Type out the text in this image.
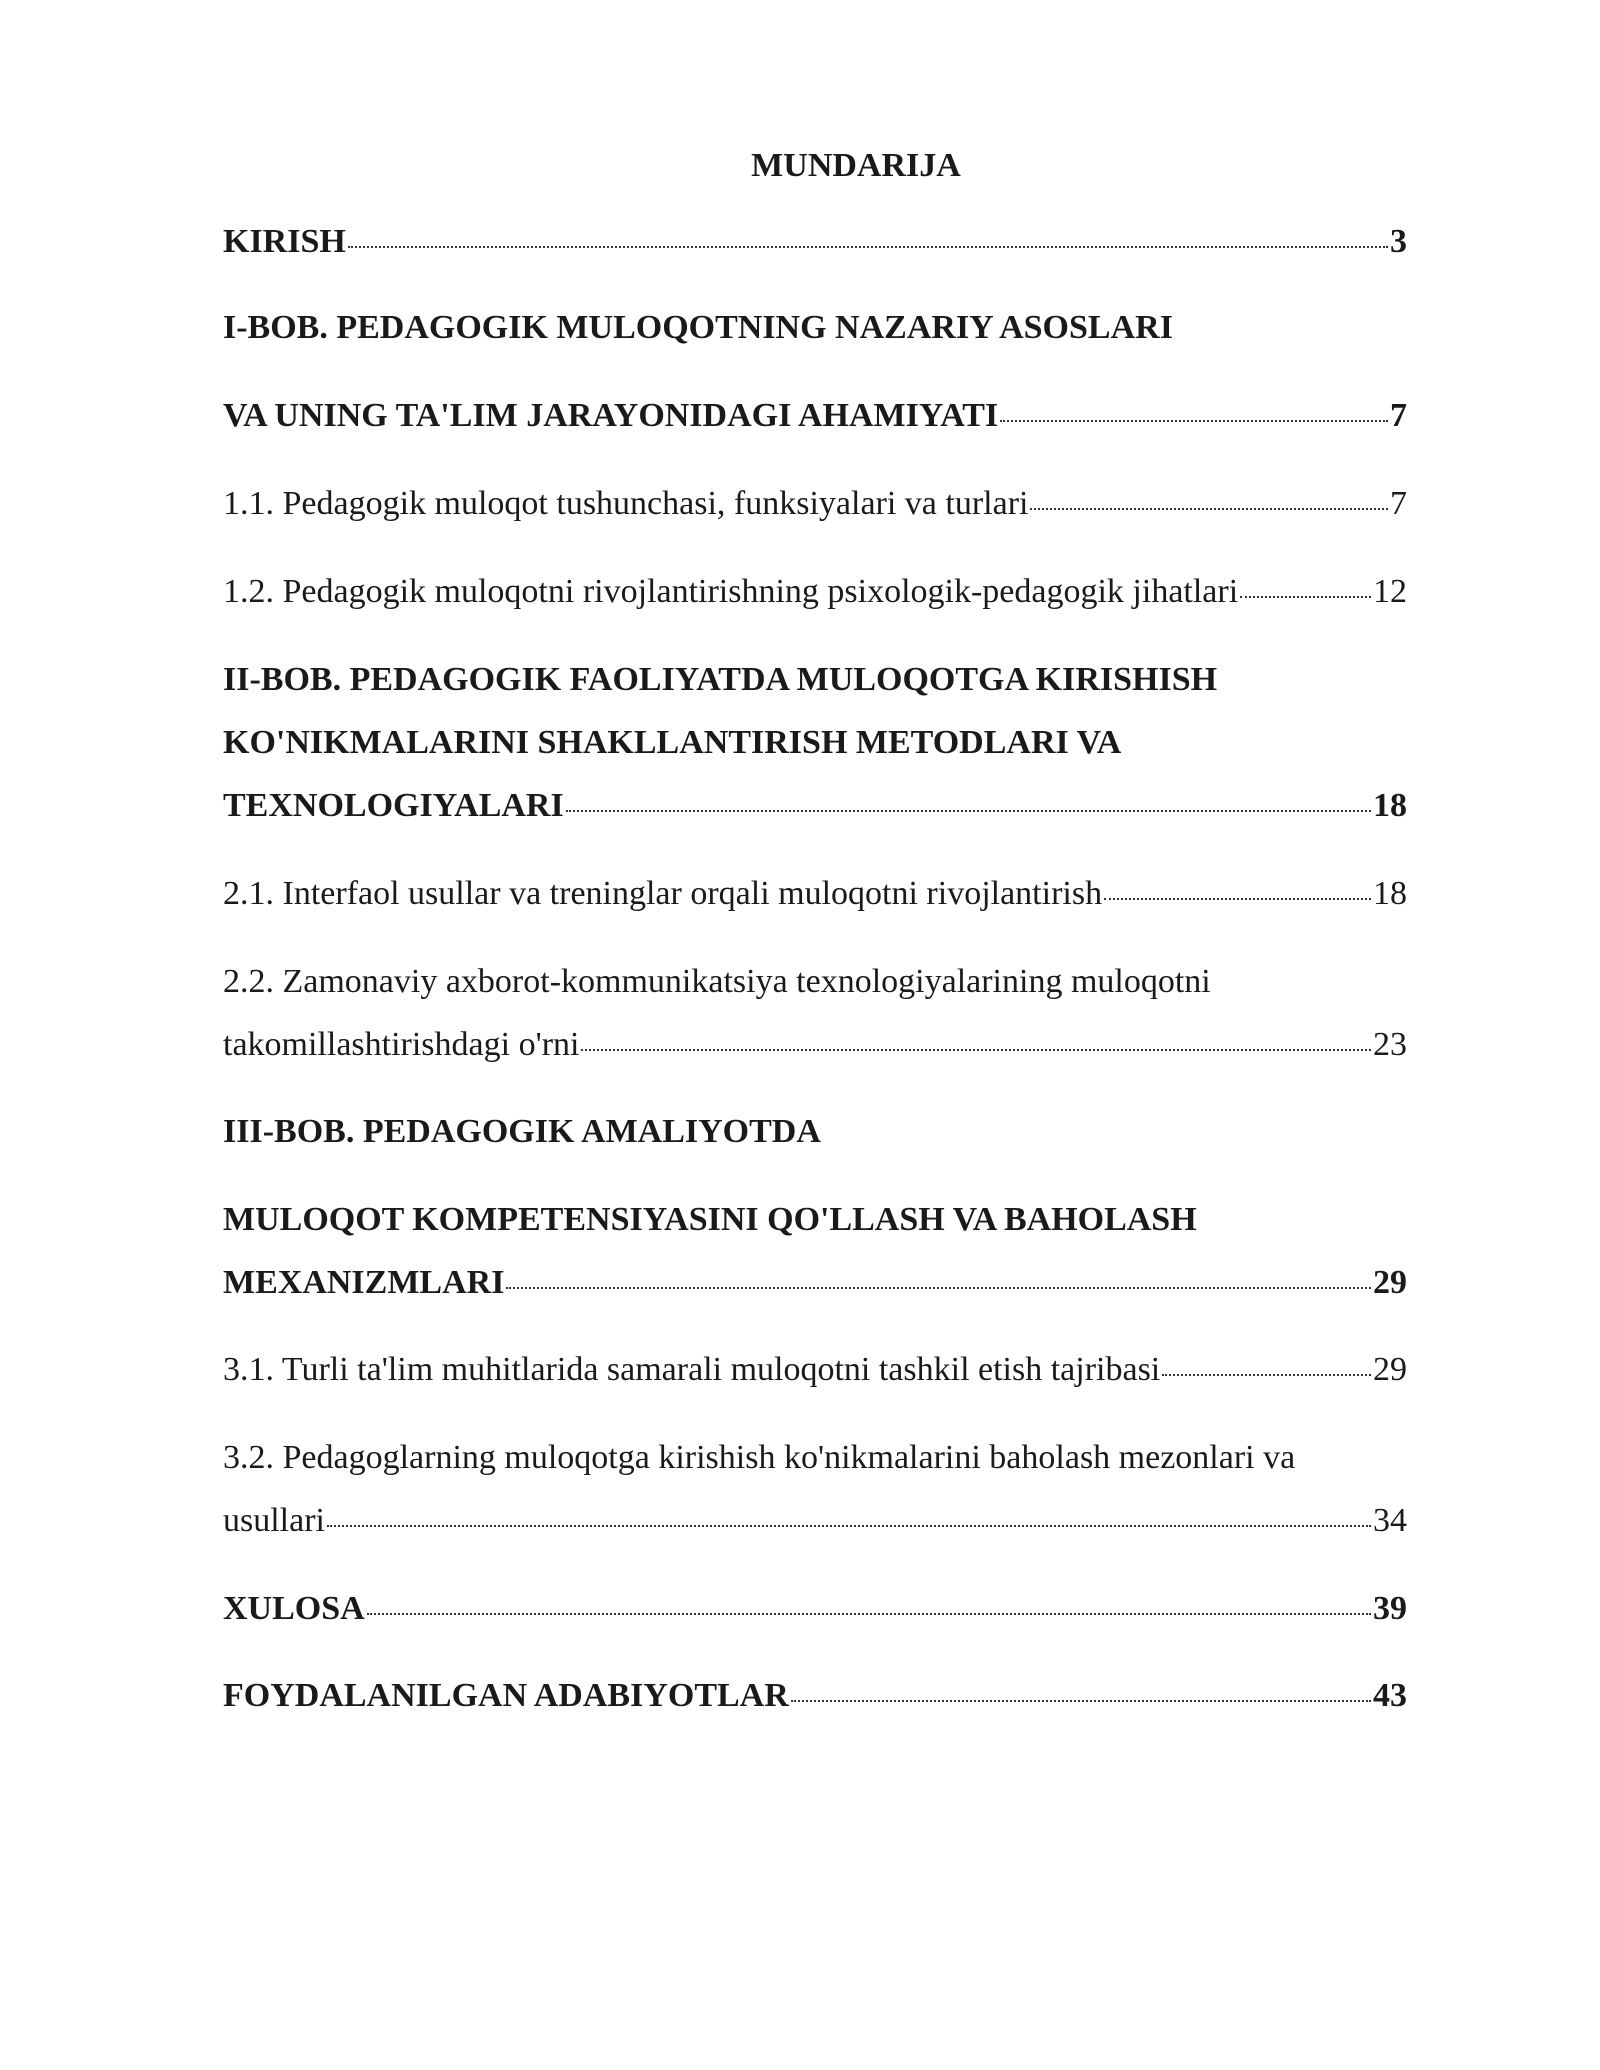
MUNDARIJA
KIRISH	3
I-BOB. PEDAGOGIK MULOQOTNING NAZARIY ASOSLARI
VA UNING TA'LIM JARAYONIDAGI AHAMIYATI	7
1.1. Pedagogik muloqot tushunchasi, funksiyalari va turlari	7
1.2. Pedagogik muloqotni rivojlantirishning psixologik-pedagogik jihatlari	12
II-BOB. PEDAGOGIK FAOLIYATDA MULOQOTGA KIRISHISH
KO'NIKMALARINI SHAKLLANTIRISH METODLARI VA
TEXNOLOGIYALARI	18
2.1. Interfaol usullar va treninglar orqali muloqotni rivojlantirish	18
2.2. Zamonaviy axborot-kommunikatsiya texnologiyalarining muloqotni
takomillashtirishdagi o'rni	23
III-BOB. PEDAGOGIK AMALIYOTDA
MULOQOT KOMPETENSIYASINI QO'LLASH VA BAHOLASH
MEXANIZMLARI	29
3.1. Turli ta'lim muhitlarida samarali muloqotni tashkil etish tajribasi	29
3.2. Pedagoglarning muloqotga kirishish ko'nikmalarini baholash mezonlari va
usullari	34
XULOSA	39
FOYDALANILGAN ADABIYOTLAR	43
